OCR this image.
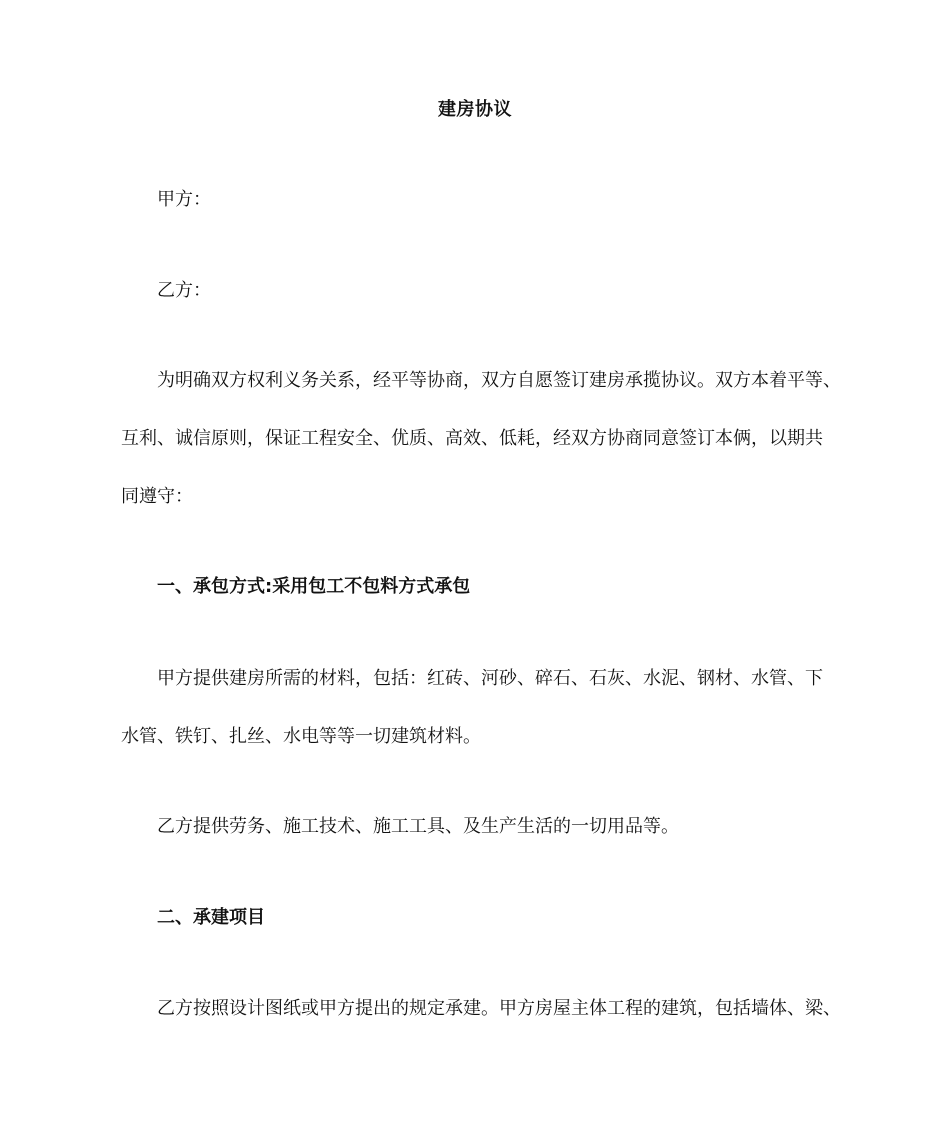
建房协议
甲方：
乙方：
为明确双方权利义务关系，经平等协商，双方自愿签订建房承揽协议。双方本着平等、
互利、诚信原则，保证工程安全、优质、高效、低耗，经双方协商同意签订本俩，以期共
同遵守：
一、承包方式:采用包工不包料方式承包
甲方提供建房所需的材料，包括：红砖、河砂、碎石、石灰、水泥、钢材、水管、下
水管、铁钉、扎丝、水电等等一切建筑材料。
乙方提供劳务、施工技术、施工工具、及生产生活的一切用品等。
二、承建项目
乙方按照设计图纸或甲方提出的规定承建。甲方房屋主体工程的建筑，包括墙体、梁、
